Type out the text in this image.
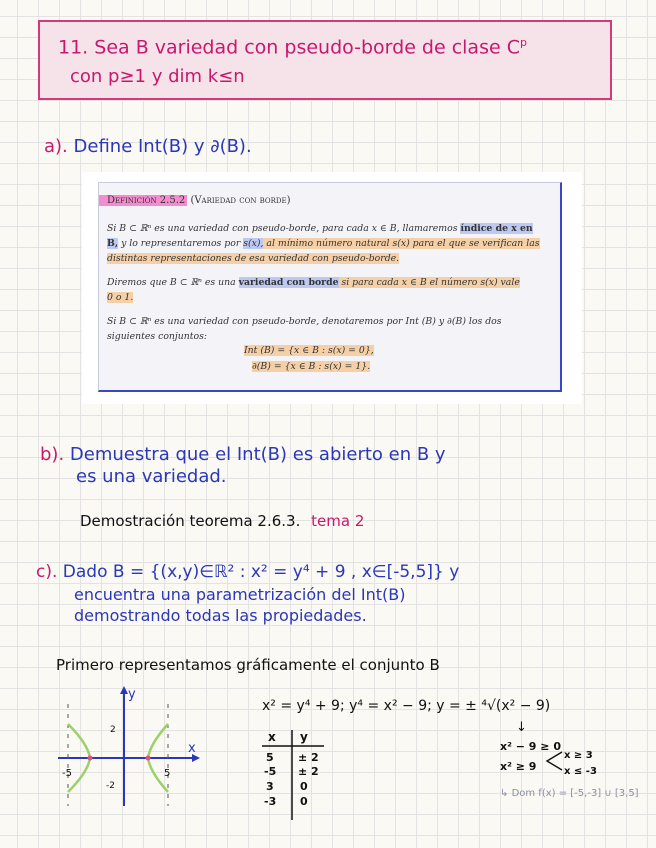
11. Sea B variedad con pseudo-borde de clase $C^p$
con p≥1 y dim k≤n
a). Define Int(B) y ∂(B).
Definición 2.5.2 (Variedad con borde)
Si B ⊂ ℝⁿ es una variedad con pseudo-borde, para cada x ∈ B, llamaremos índice de x en
B, y lo representaremos por s(x), al mínimo número natural s(x) para el que se verifican las
distintas representaciones de esa variedad con pseudo-borde.
Diremos que B ⊂ ℝⁿ es una variedad con borde si para cada x ∈ B el número s(x) vale
0 o 1.
Si B ⊂ ℝⁿ es una variedad con pseudo-borde, denotaremos por Int (B) y ∂(B) los dos
siguientes conjuntos:
Int (B) = {x ∈ B : s(x) = 0},
∂(B) = {x ∈ B : s(x) = 1}.
b). Demuestra que el Int(B) es abierto en B y
es una variedad.
Demostración teorema 2.6.3. tema 2
c). Dado B = {(x,y)∈ℝ² : x² = y⁴ + 9 , x∈[-5,5]} y
encuentra una parametrización del Int(B)
demostrando todas las propiedades.
Primero representamos gráficamente el conjunto B
x
y
2
-2
5
-5
x² = y⁴ + 9; y⁴ = x² − 9; y = ± ⁴√(x² − 9)
x y
5 ± 2
-5 ± 2
3 0
-3 0
↓
x² − 9 ≥ 0
x² ≥ 9
x ≥ 3
x ≤ -3
↳ Dom f(x) = [-5,-3] ∪ [3,5]
